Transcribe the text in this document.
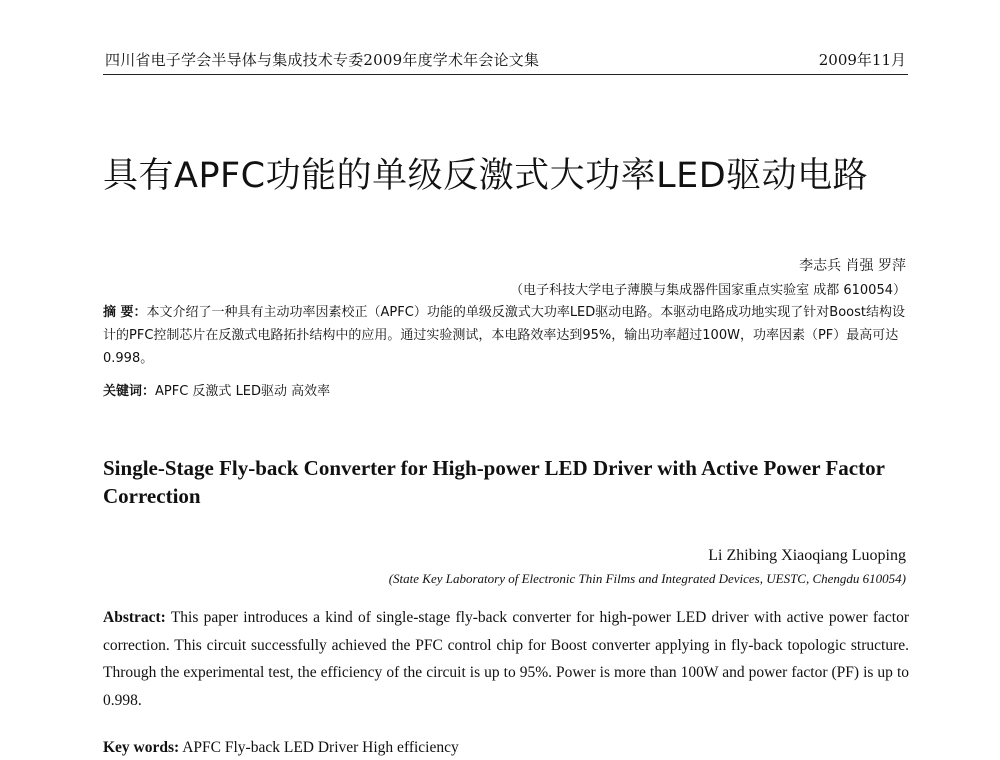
四川省电子学会半导体与集成技术专委2009年度学术年会论文集	2009年11月
具有APFC功能的单级反激式大功率LED驱动电路
李志兵 肖强 罗萍
（电子科技大学电子薄膜与集成器件国家重点实验室 成都 610054）
摘 要：本文介绍了一种具有主动功率因素校正（APFC）功能的单级反激式大功率LED驱动电路。本驱动电路成功地实现了针对Boost结构设计的PFC控制芯片在反激式电路拓扑结构中的应用。通过实验测试，本电路效率达到95%，输出功率超过100W，功率因素（PF）最高可达0.998。
关键词：APFC 反激式 LED驱动 高效率
Single-Stage Fly-back Converter for High-power LED Driver with Active Power Factor Correction
Li Zhibing Xiaoqiang Luoping
(State Key Laboratory of Electronic Thin Films and Integrated Devices, UESTC, Chengdu 610054)
Abstract: This paper introduces a kind of single-stage fly-back converter for high-power LED driver with active power factor correction. This circuit successfully achieved the PFC control chip for Boost converter applying in fly-back topologic structure. Through the experimental test, the efficiency of the circuit is up to 95%. Power is more than 100W and power factor (PF) is up to 0.998.
Key words: APFC Fly-back LED Driver High efficiency
